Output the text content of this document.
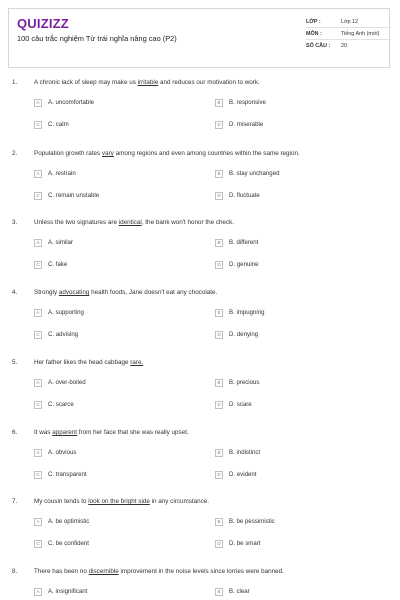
QUIZIZZ
100 câu trắc nghiệm Từ trái nghĩa nâng cao (P2)
LỚP :	Lớp 12
MÔN :	Tiếng Anh (mới)
SỐ CÂU :	20
1.	A chronic lack of sleep may make us irritable and reduces our motivation to work.
A	A. uncomfortable	B	B. responsive
C	C. calm	D	D. miserable
2.	Population growth rates vary among regions and even among countries within the same region.
A	A. restrain	B	B. stay unchanged
C	C. remain unstable	D	D. fluctuate
3.	Unless the two signatures are identical, the bank won't honor the check.
A	A. similar	B	B. different
C	C. fake	D	D. genuine
4.	Strongly advocating health foods, Jane doesn't eat any chocolate.
A	A. supporting	B	B. impugning
C	C. advising	D	D. denying
5.	Her father likes the head cabbage rare.
A	A. over-boiled	B	B. precious
C	C. scarce	D	D. scare
6.	It was apparent from her face that she was really upset.
A	A. obvious	B	B. indistinct
C	C. transparent	D	D. evident
7.	My cousin tends to look on the bright side in any circumstance.
A	A. be optimistic	B	B. be pessimistic
C	C. be confident	D	D. be smart
8.	There has been no discernible improvement in the noise levels since lorries were banned.
A	A. insignificant	B	B. clear
